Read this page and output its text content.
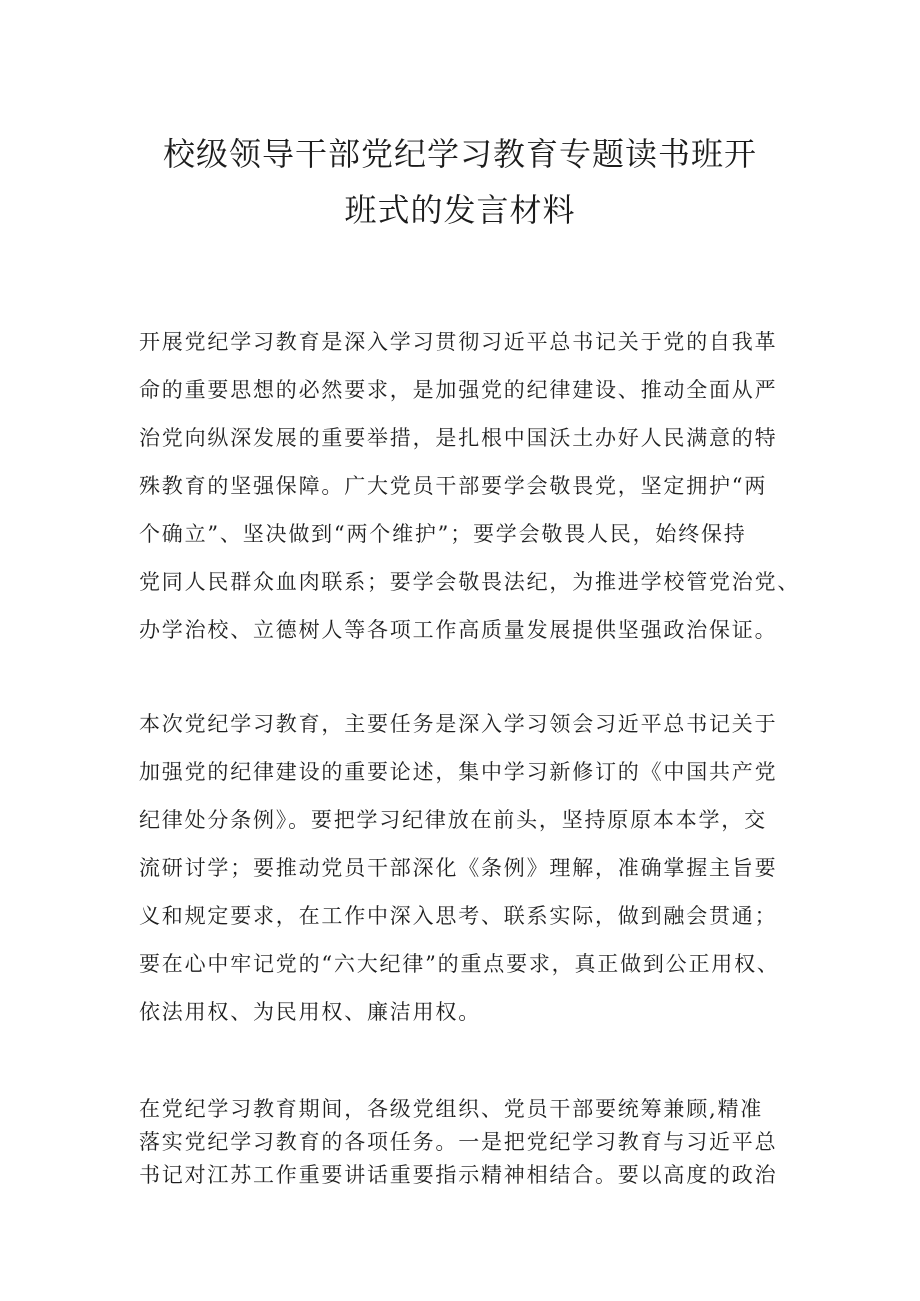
校级领导干部党纪学习教育专题读书班开
班式的发言材料
开展党纪学习教育是深入学习贯彻习近平总书记关于党的自我革
命的重要思想的必然要求，是加强党的纪律建设、推动全面从严
治党向纵深发展的重要举措，是扎根中国沃土办好人民满意的特
殊教育的坚强保障。广大党员干部要学会敬畏党，坚定拥护“两
个确立”、坚决做到“两个维护”；要学会敬畏人民，始终保持
党同人民群众血肉联系；要学会敬畏法纪，为推进学校管党治党、
办学治校、立德树人等各项工作高质量发展提供坚强政治保证。
本次党纪学习教育，主要任务是深入学习领会习近平总书记关于
加强党的纪律建设的重要论述，集中学习新修订的《中国共产党
纪律处分条例》。要把学习纪律放在前头，坚持原原本本学，交
流研讨学；要推动党员干部深化《条例》理解，准确掌握主旨要
义和规定要求，在工作中深入思考、联系实际，做到融会贯通；
要在心中牢记党的“六大纪律”的重点要求，真正做到公正用权、
依法用权、为民用权、廉洁用权。
在党纪学习教育期间，各级党组织、党员干部要统筹兼顾,精准
落实党纪学习教育的各项任务。一是把党纪学习教育与习近平总
书记对江苏工作重要讲话重要指示精神相结合。要以高度的政治
